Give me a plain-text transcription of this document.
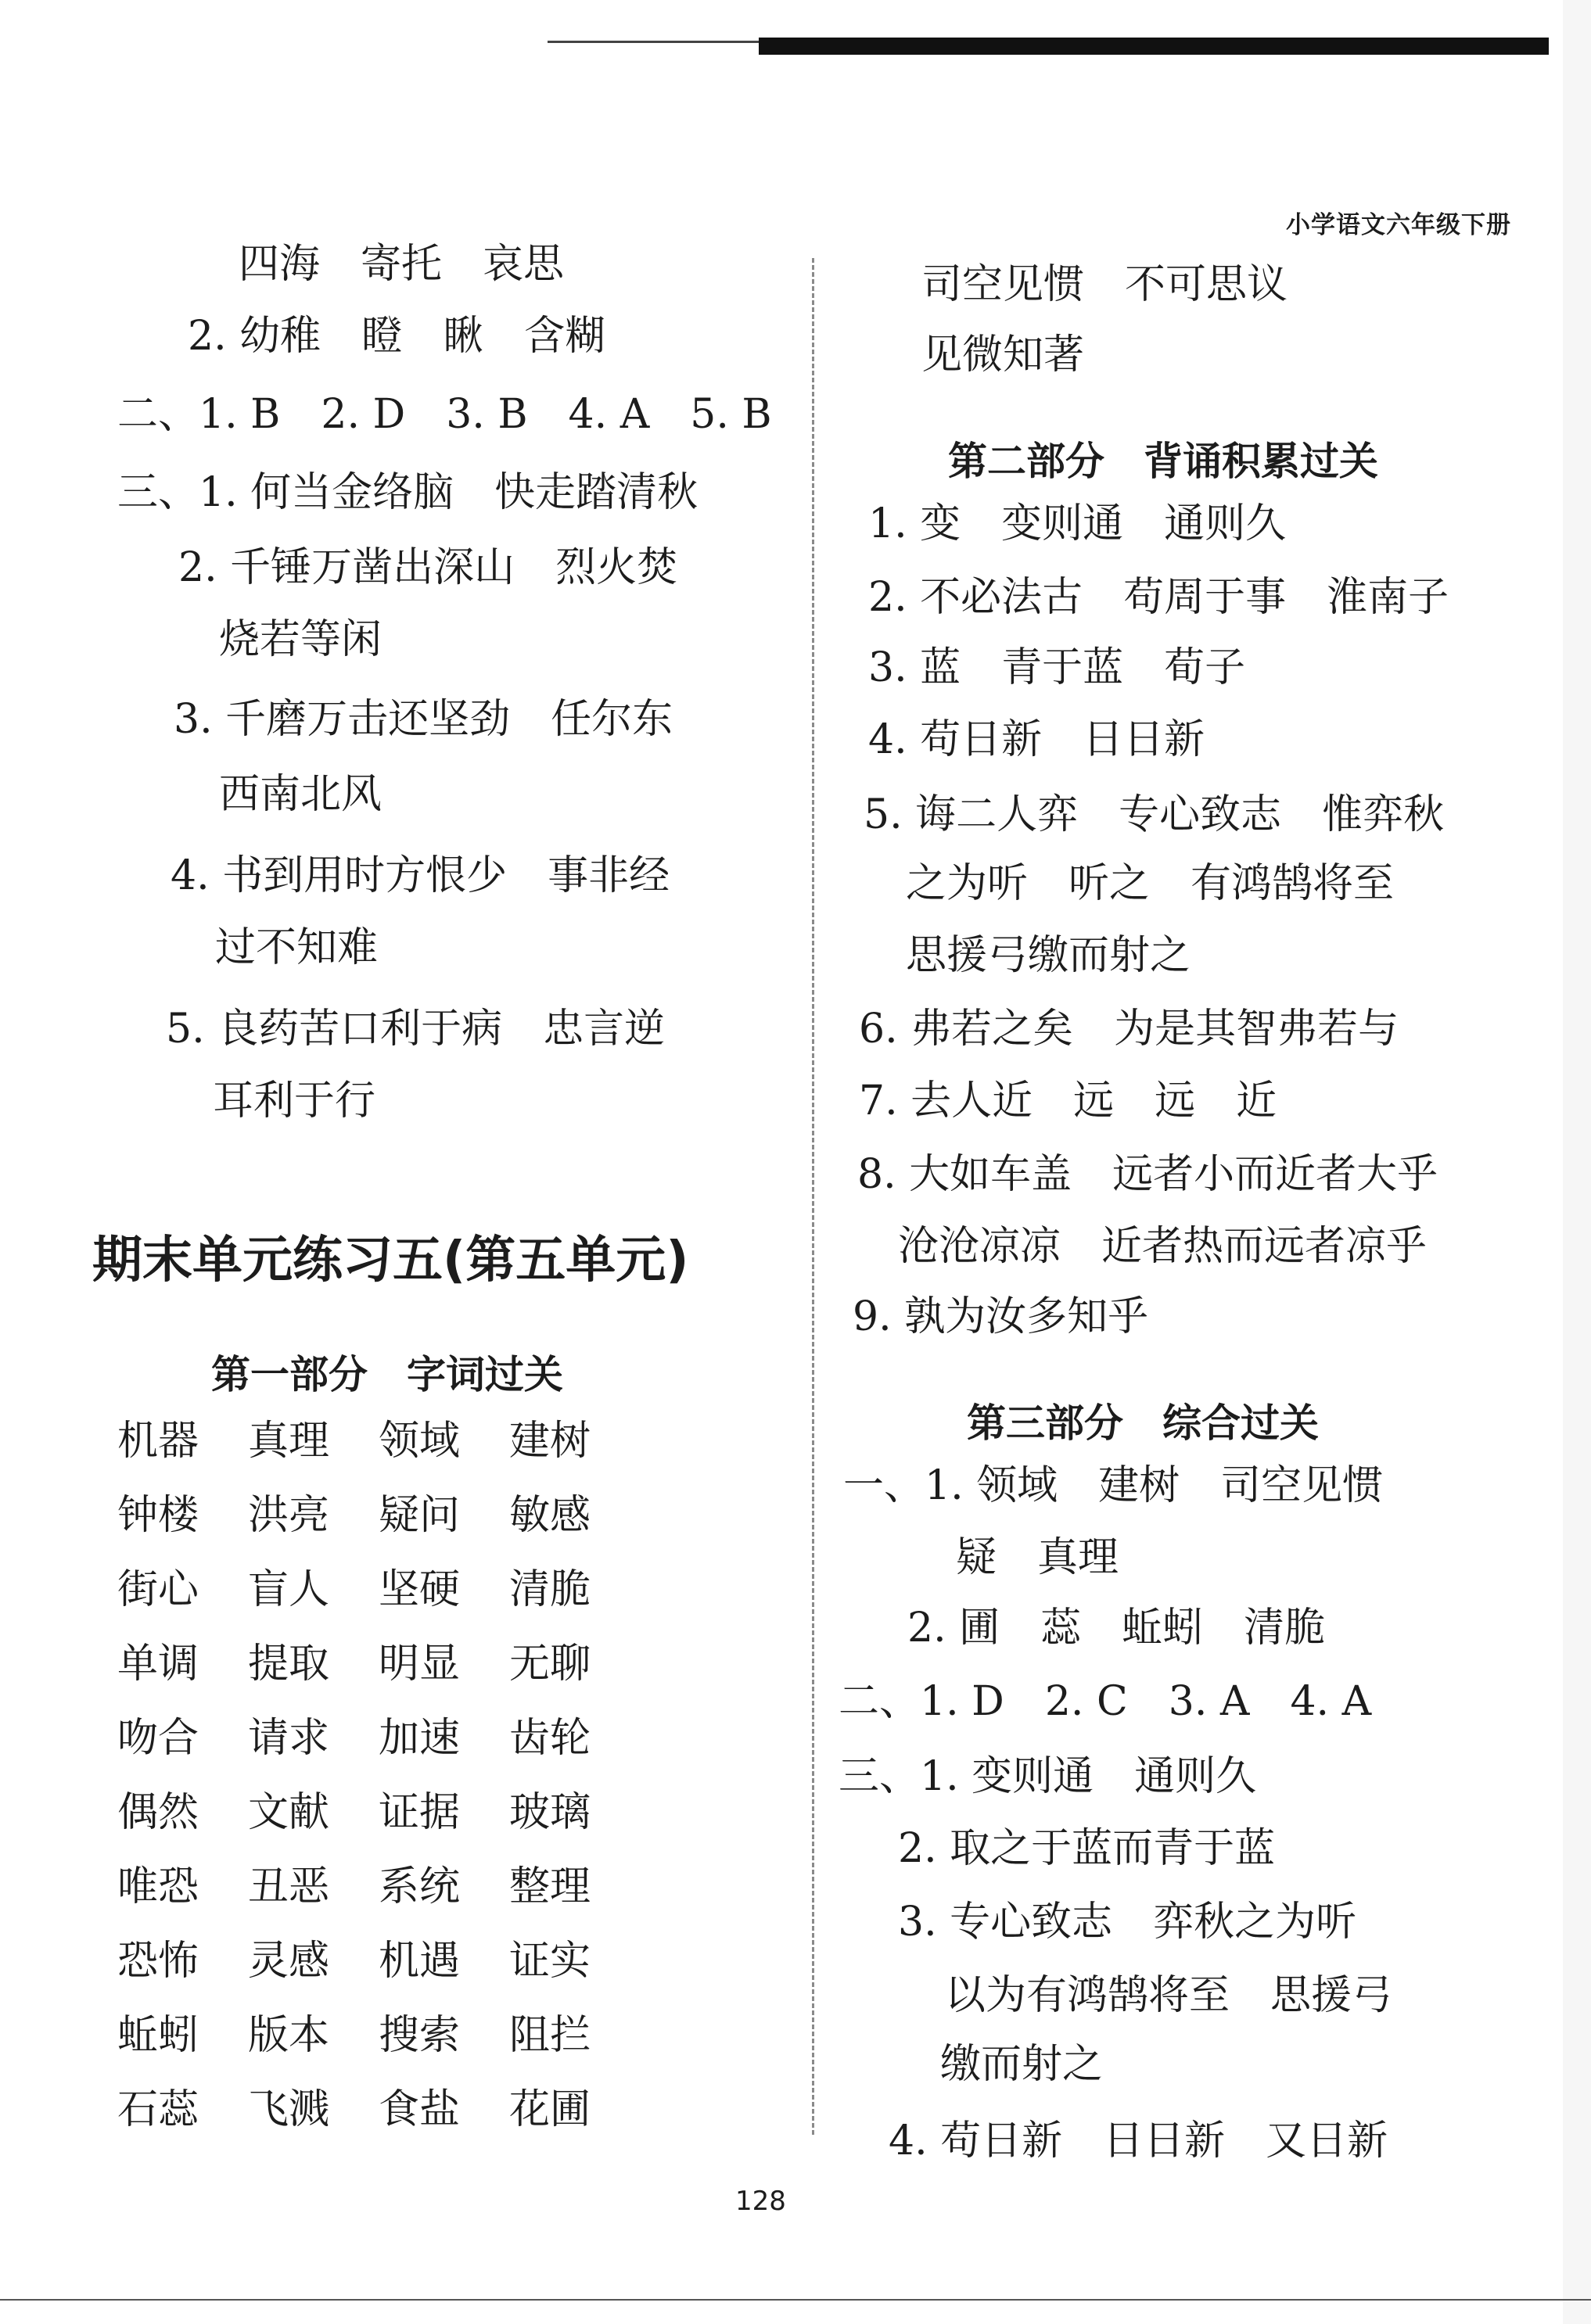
小学语文六年级下册
四海　寄托　哀思
2. 幼稚　瞪　瞅　含糊
二、1. B　2. D　3. B　4. A　5. B
三、1. 何当金络脑　快走踏清秋
2. 千锤万凿出深山　烈火焚
烧若等闲
3. 千磨万击还坚劲　任尔东
西南北风
4. 书到用时方恨少　事非经
过不知难
5. 良药苦口利于病　忠言逆
耳利于行
期末单元练习五(第五单元)
第一部分　字词过关
机器	真理	领域	建树
钟楼	洪亮	疑问	敏感
街心	盲人	坚硬	清脆
单调	提取	明显	无聊
吻合	请求	加速	齿轮
偶然	文献	证据	玻璃
唯恐	丑恶	系统	整理
恐怖	灵感	机遇	证实
蚯蚓	版本	搜索	阻拦
石蕊	飞溅	食盐	花圃
司空见惯　不可思议
见微知著
第二部分　背诵积累过关
1. 变　变则通　通则久
2. 不必法古　苟周于事　淮南子
3. 蓝　青于蓝　荀子
4. 苟日新　日日新
5. 诲二人弈　专心致志　惟弈秋
之为听　听之　有鸿鹄将至
思援弓缴而射之
6. 弗若之矣　为是其智弗若与
7. 去人近　远　远　近
8. 大如车盖　远者小而近者大乎
沧沧凉凉　近者热而远者凉乎
9. 孰为汝多知乎
第三部分　综合过关
一、1. 领域　建树　司空见惯
疑　真理
2. 圃　蕊　蚯蚓　清脆
二、1. D　2. C　3. A　4. A
三、1. 变则通　通则久
2. 取之于蓝而青于蓝
3. 专心致志　弈秋之为听
以为有鸿鹄将至　思援弓
缴而射之
4. 苟日新　日日新　又日新
128
